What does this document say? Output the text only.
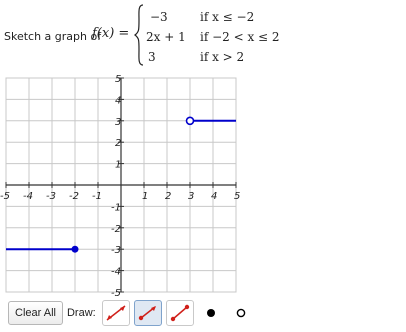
Sketch a graph of
f(x) =
−3	if x ≤ −2
2x + 1 if −2 < x ≤ 2
3	if x > 2
-5 -4 -3 -2 -1	1 2 3 4 5
5
4
3
2
1
-1
-2
-3
-4
-5
Clear All Draw:
